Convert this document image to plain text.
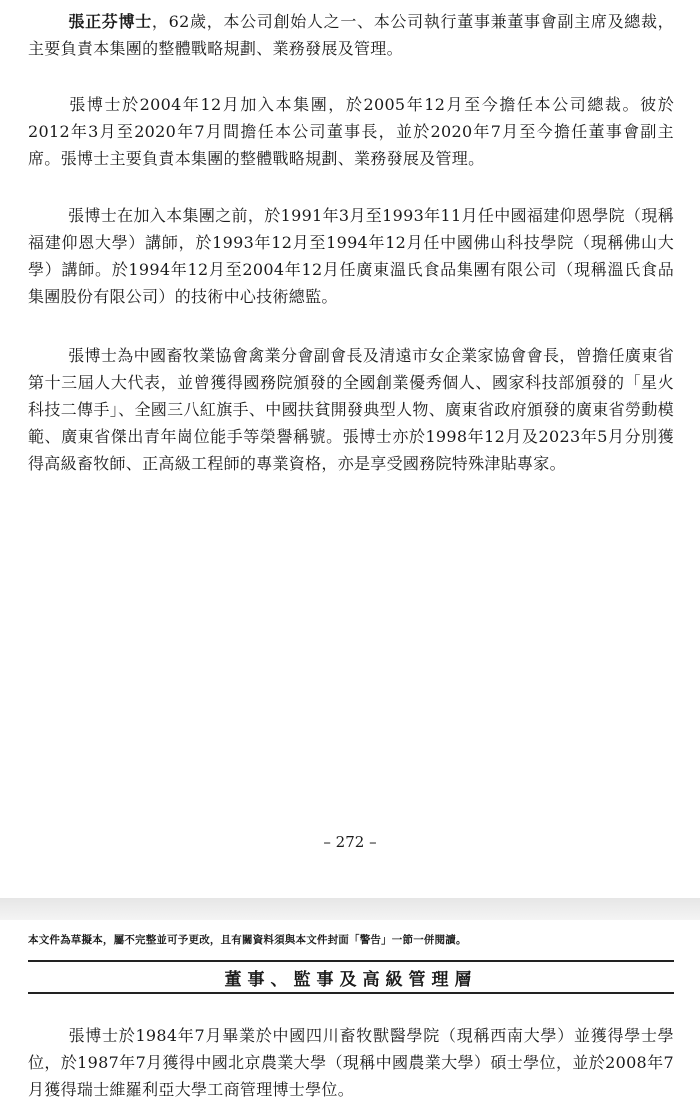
張正芬博士，62歲，本公司創始人之一、本公司執行董事兼董事會副主席及總裁，主要負責本集團的整體戰略規劃、業務發展及管理。

張博士於2004年12月加入本集團，於2005年12月至今擔任本公司總裁。彼於2012年3月至2020年7月間擔任本公司董事長，並於2020年7月至今擔任董事會副主席。張博士主要負責本集團的整體戰略規劃、業務發展及管理。

張博士在加入本集團之前，於1991年3月至1993年11月任中國福建仰恩學院（現稱福建仰恩大學）講師，於1993年12月至1994年12月任中國佛山科技學院（現稱佛山大學）講師。於1994年12月至2004年12月任廣東溫氏食品集團有限公司（現稱溫氏食品集團股份有限公司）的技術中心技術總監。

張博士為中國畜牧業協會禽業分會副會長及清遠市女企業家協會會長，曾擔任廣東省第十三屆人大代表，並曾獲得國務院頒發的全國創業優秀個人、國家科技部頒發的「星火科技二傳手」、全國三八紅旗手、中國扶貧開發典型人物、廣東省政府頒發的廣東省勞動模範、廣東省傑出青年崗位能手等榮譽稱號。張博士亦於1998年12月及2023年5月分別獲得高級畜牧師、正高級工程師的專業資格，亦是享受國務院特殊津貼專家。

– 272 –
本文件為草擬本，屬不完整並可予更改，且有關資料須與本文件封面「警告」一節一併閱讀。
董事、監事及高級管理層

張博士於1984年7月畢業於中國四川畜牧獸醫學院（現稱西南大學）並獲得學士學位，於1987年7月獲得中國北京農業大學（現稱中國農業大學）碩士學位，並於2008年7月獲得瑞士維羅利亞大學工商管理博士學位。
